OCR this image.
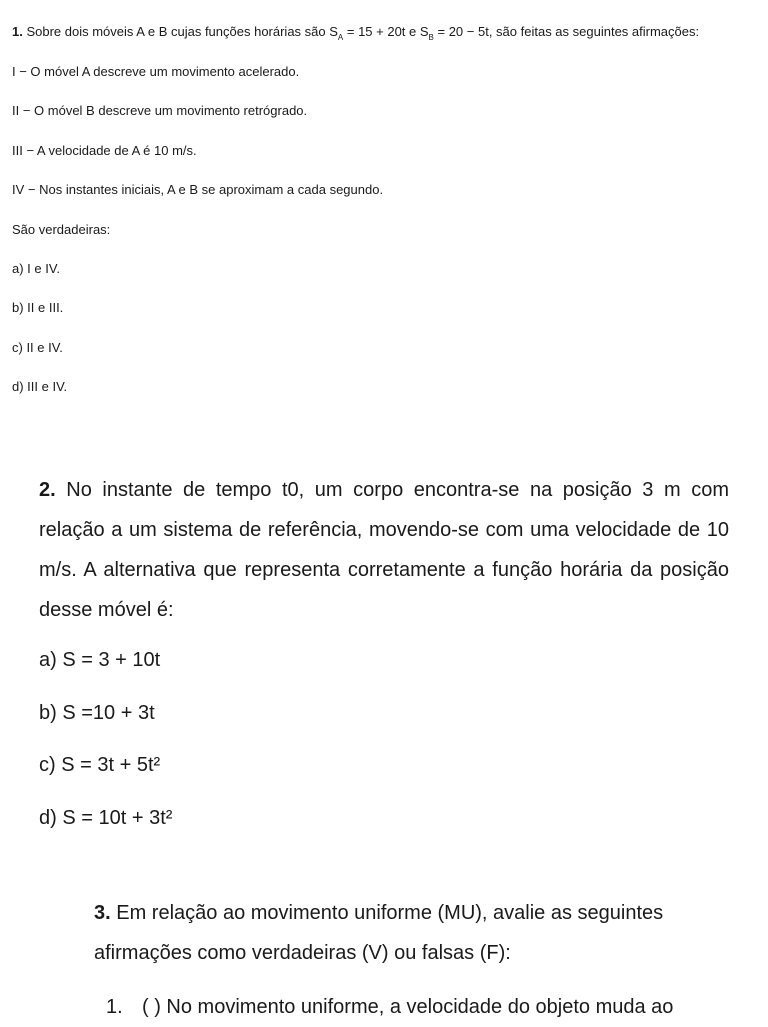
1. Sobre dois móveis A e B cujas funções horárias são $S_A = 15 + 20t$ e $S_B = 20 - 5t$, são feitas as seguintes afirmações:
I − O móvel A descreve um movimento acelerado.
II − O móvel B descreve um movimento retrógrado.
III − A velocidade de A é 10 m/s.
IV − Nos instantes iniciais, A e B se aproximam a cada segundo.
São verdadeiras:
a) I e IV.
b) II e III.
c) II e IV.
d) III e IV.

2. No instante de tempo t0, um corpo encontra-se na posição 3 m com relação a um sistema de referência, movendo-se com uma velocidade de 10 m/s. A alternativa que representa corretamente a função horária da posição desse móvel é:

a) S = 3 + 10t
b) S =10 + 3t
c) S = 3t + 5t²
d) S = 10t + 3t²

3. Em relação ao movimento uniforme (MU), avalie as seguintes afirmações como verdadeiras (V) ou falsas (F):

1. ( ) No movimento uniforme, a velocidade do objeto muda ao
